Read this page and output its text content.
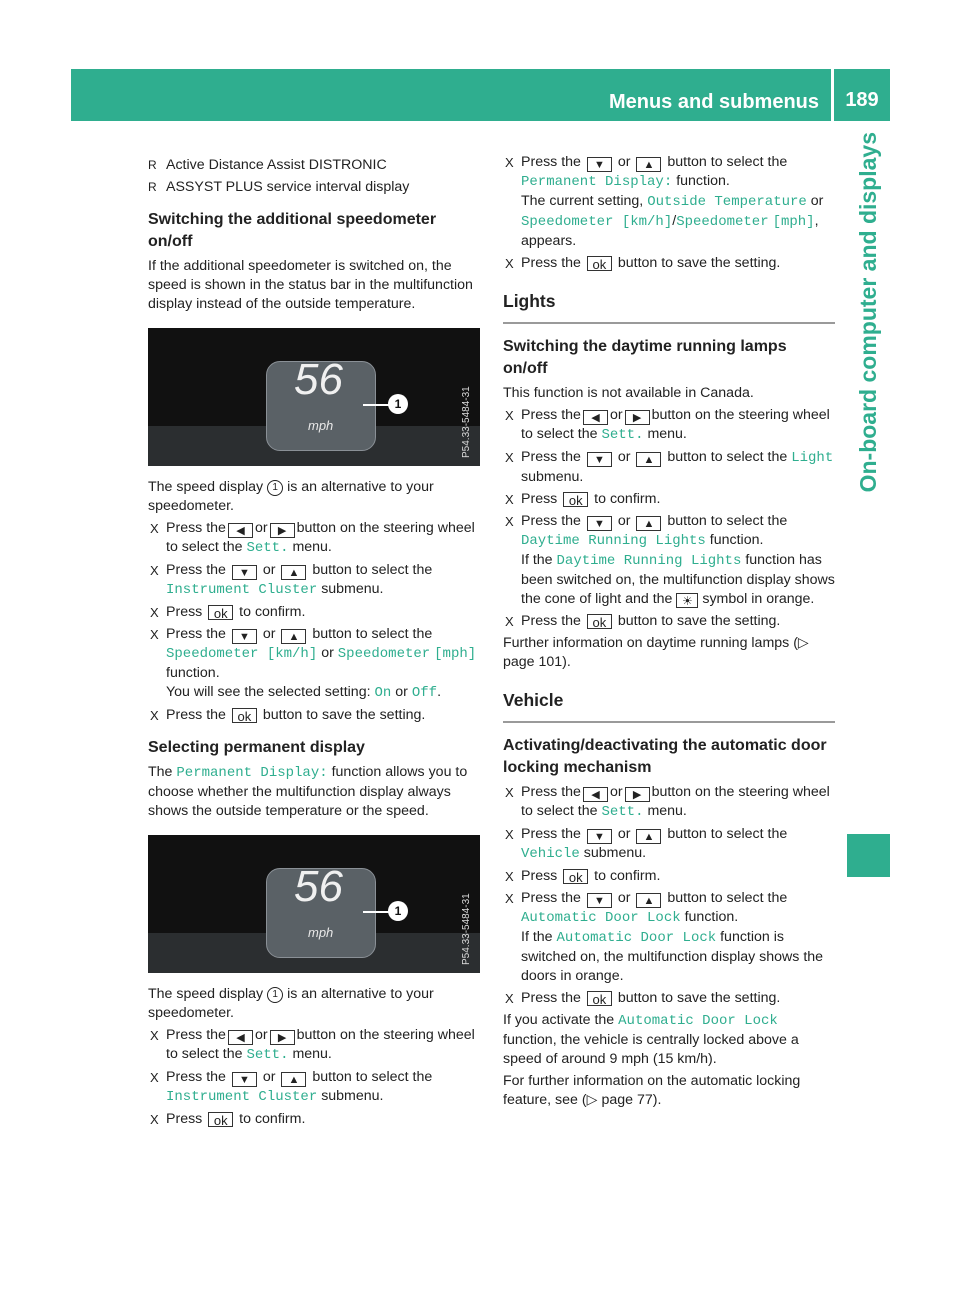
Menus and submenus	189
On-board computer and displays
R Active Distance Assist DISTRONIC
R ASSYST PLUS service interval display
Switching the additional speedometer on/off

If the additional speedometer is switched on, the speed is shown in the status bar in the multifunction display instead of the outside temperature.

56
mph
1	P54.33-5484-31

The speed display 1 is an alternative to your speedometer.

X Press the ◀ or ▶ button on the steering wheel to select the Sett. menu.
X Press the ▼ or ▲ button to select the Instrument Cluster submenu.
X Press ok to confirm.
X Press the ▼ or ▲ button to select the Speedometer [km/h] or Speedometer [mph] function.
You will see the selected setting: On or Off.
X Press the ok button to save the setting.
Selecting permanent display

The Permanent Display: function allows you to choose whether the multifunction display always shows the outside temperature or the speed.

56
mph
1	P54.33-5484-31

The speed display 1 is an alternative to your speedometer.

X Press the ◀ or ▶ button on the steering wheel to select the Sett. menu.
X Press the ▼ or ▲ button to select the Instrument Cluster submenu.
X Press ok to confirm.
X Press the ▼ or ▲ button to select the Permanent Display: function.
The current setting, Outside Temperature or Speedometer [km/h]/Speedometer [mph], appears.
X Press the ok button to save the setting.
Lights
Switching the daytime running lamps on/off

This function is not available in Canada.

X Press the ◀ or ▶ button on the steering wheel to select the Sett. menu.
X Press the ▼ or ▲ button to select the Light submenu.
X Press ok to confirm.
X Press the ▼ or ▲ button to select the Daytime Running Lights function.
If the Daytime Running Lights function has been switched on, the multifunction display shows the cone of light and the ☀ symbol in orange.
X Press the ok button to save the setting.

Further information on daytime running lamps (▷ page 101).

Vehicle
Activating/deactivating the automatic door locking mechanism
X Press the ◀ or ▶ button on the steering wheel to select the Sett. menu.
X Press the ▼ or ▲ button to select the Vehicle submenu.
X Press ok to confirm.
X Press the ▼ or ▲ button to select the Automatic Door Lock function.
If the Automatic Door Lock function is switched on, the multifunction display shows the doors in orange.
X Press the ok button to save the setting.

If you activate the Automatic Door Lock function, the vehicle is centrally locked above a speed of around 9 mph (15 km/h).

For further information on the automatic locking feature, see (▷ page 77).
